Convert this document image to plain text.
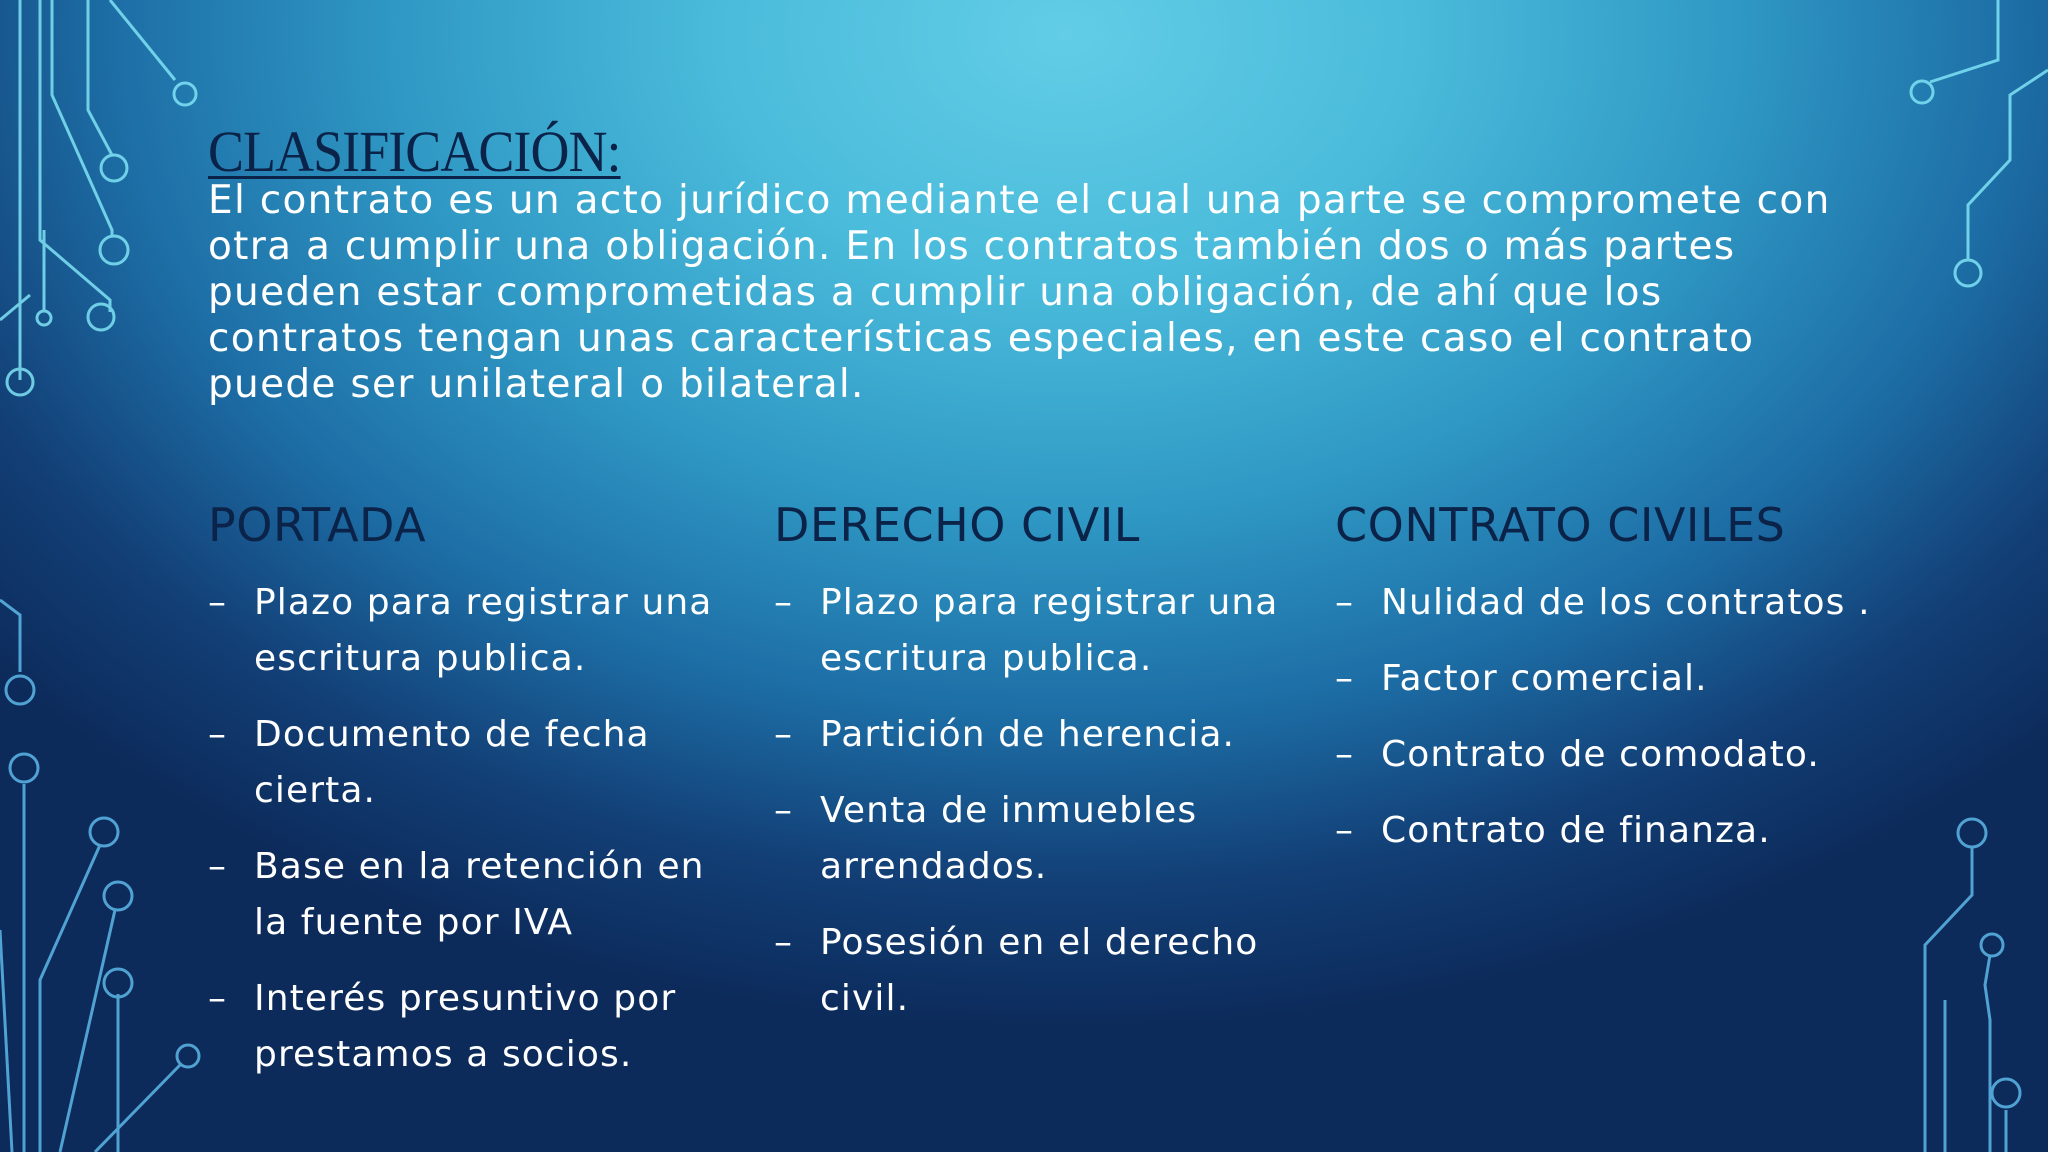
CLASIFICACIÓN:

El contrato es un acto jurídico mediante el cual una parte se compromete con otra a cumplir una obligación. En los contratos también dos o más partes pueden estar comprometidas a cumplir una obligación, de ahí que los contratos tengan unas características especiales, en este caso el contrato puede ser unilateral o bilateral.

PORTADA
– Plazo para registrar una escritura publica.
– Documento de fecha cierta.
– Base en la retención en la fuente por IVA
– Interés presuntivo por prestamos a socios.
DERECHO CIVIL
– Plazo para registrar una escritura publica.
– Partición de herencia.
– Venta de inmuebles arrendados.
– Posesión en el derecho civil.
CONTRATO CIVILES
– Nulidad de los contratos .
– Factor comercial.
– Contrato de comodato.
– Contrato de finanza.
